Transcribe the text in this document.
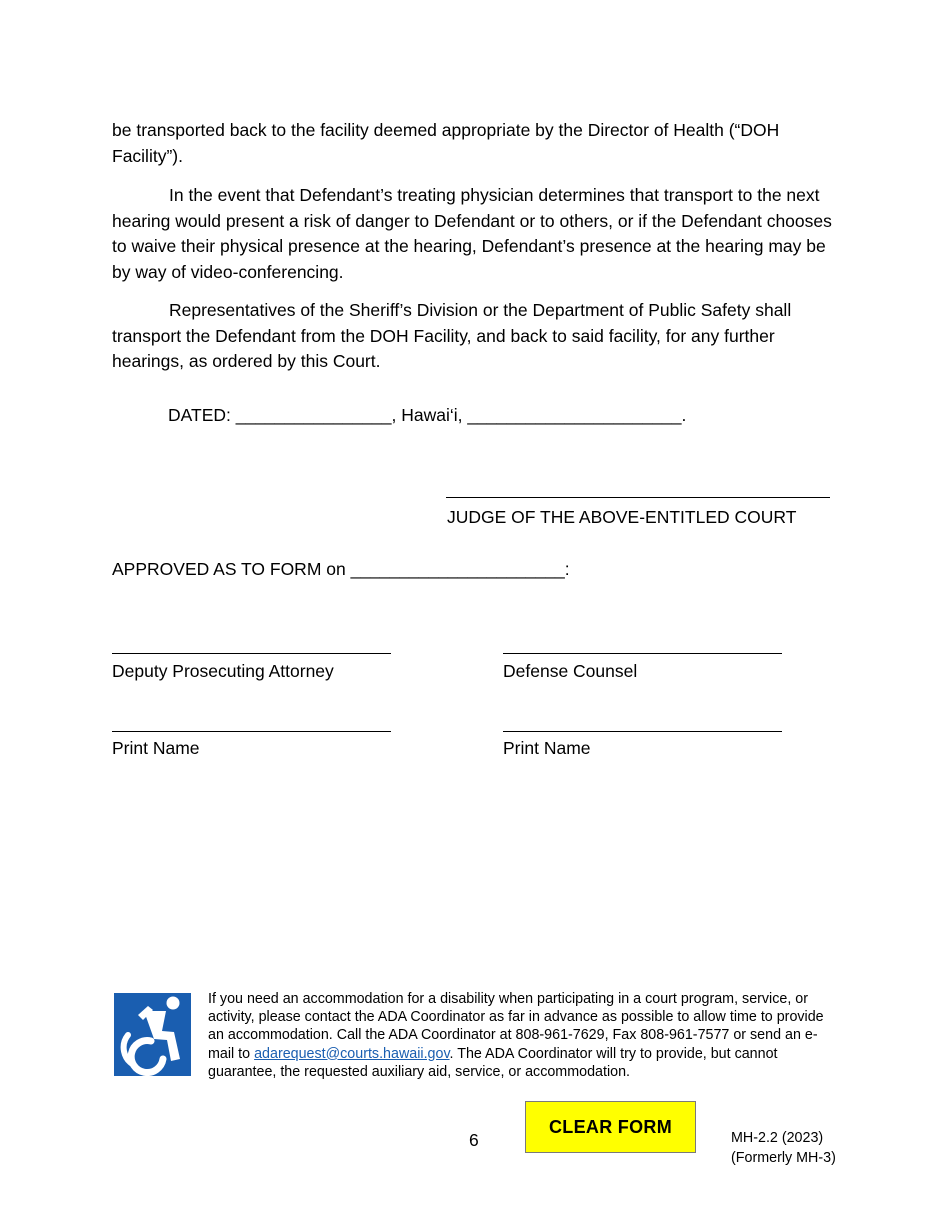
be transported back to the facility deemed appropriate by the Director of Health (“DOH Facility”).

In the event that Defendant’s treating physician determines that transport to the next hearing would present a risk of danger to Defendant or to others, or if the Defendant chooses to waive their physical presence at the hearing, Defendant’s presence at the hearing may be by way of video-conferencing.

Representatives of the Sheriff’s Division or the Department of Public Safety shall transport the Defendant from the DOH Facility, and back to said facility, for any further hearings, as ordered by this Court.

DATED: ________________, Hawai‘i, ______________________.
JUDGE OF THE ABOVE-ENTITLED COURT
APPROVED AS TO FORM on ______________________:
Deputy Prosecuting Attorney	Defense Counsel
Print Name	Print Name

If you need an accommodation for a disability when participating in a court program, service, or activity, please contact the ADA Coordinator as far in advance as possible to allow time to provide an accommodation. Call the ADA Coordinator at 808-961-7629, Fax 808-961-7577 or send an e-mail to adarequest@courts.hawaii.gov. The ADA Coordinator will try to provide, but cannot guarantee, the requested auxiliary aid, service, or accommodation.

6
CLEAR FORM
MH-2.2 (2023)
(Formerly MH-3)
